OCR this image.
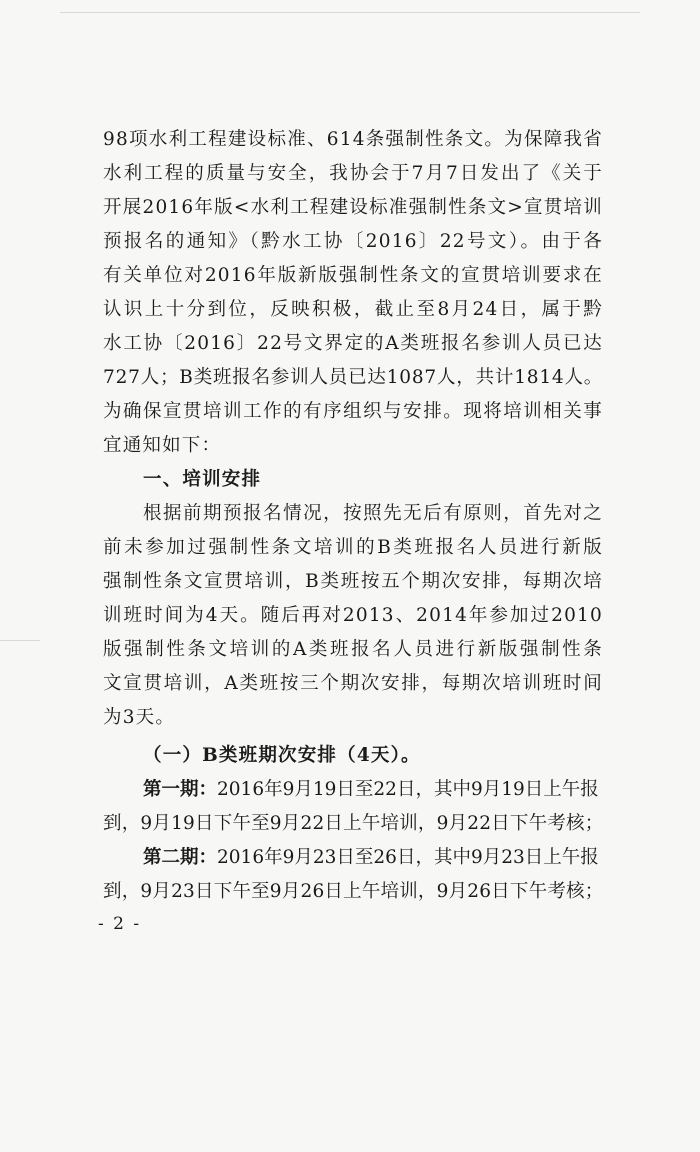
98项水利工程建设标准、614条强制性条文。为保障我省
水利工程的质量与安全，我协会于7月7日发出了《关于
开展2016年版<水利工程建设标准强制性条文>宣贯培训
预报名的通知》（黔水工协〔2016〕22号文）。由于各
有关单位对2016年版新版强制性条文的宣贯培训要求在
认识上十分到位，反映积极，截止至8月24日，属于黔
水工协〔2016〕22号文界定的A类班报名参训人员已达
727人；B类班报名参训人员已达1087人，共计1814人。
为确保宣贯培训工作的有序组织与安排。现将培训相关事
宜通知如下：
一、培训安排
根据前期预报名情况，按照先无后有原则，首先对之
前未参加过强制性条文培训的B类班报名人员进行新版
强制性条文宣贯培训，B类班按五个期次安排，每期次培
训班时间为4天。随后再对2013、2014年参加过2010
版强制性条文培训的A类班报名人员进行新版强制性条
文宣贯培训，A类班按三个期次安排，每期次培训班时间
为3天。
（一）B类班期次安排（4天）。
第一期：2016年9月19日至22日，其中9月19日上午报
到，9月19日下午至9月22日上午培训，9月22日下午考核；
第二期：2016年9月23日至26日，其中9月23日上午报
到，9月23日下午至9月26日上午培训，9月26日下午考核；
- 2 -
